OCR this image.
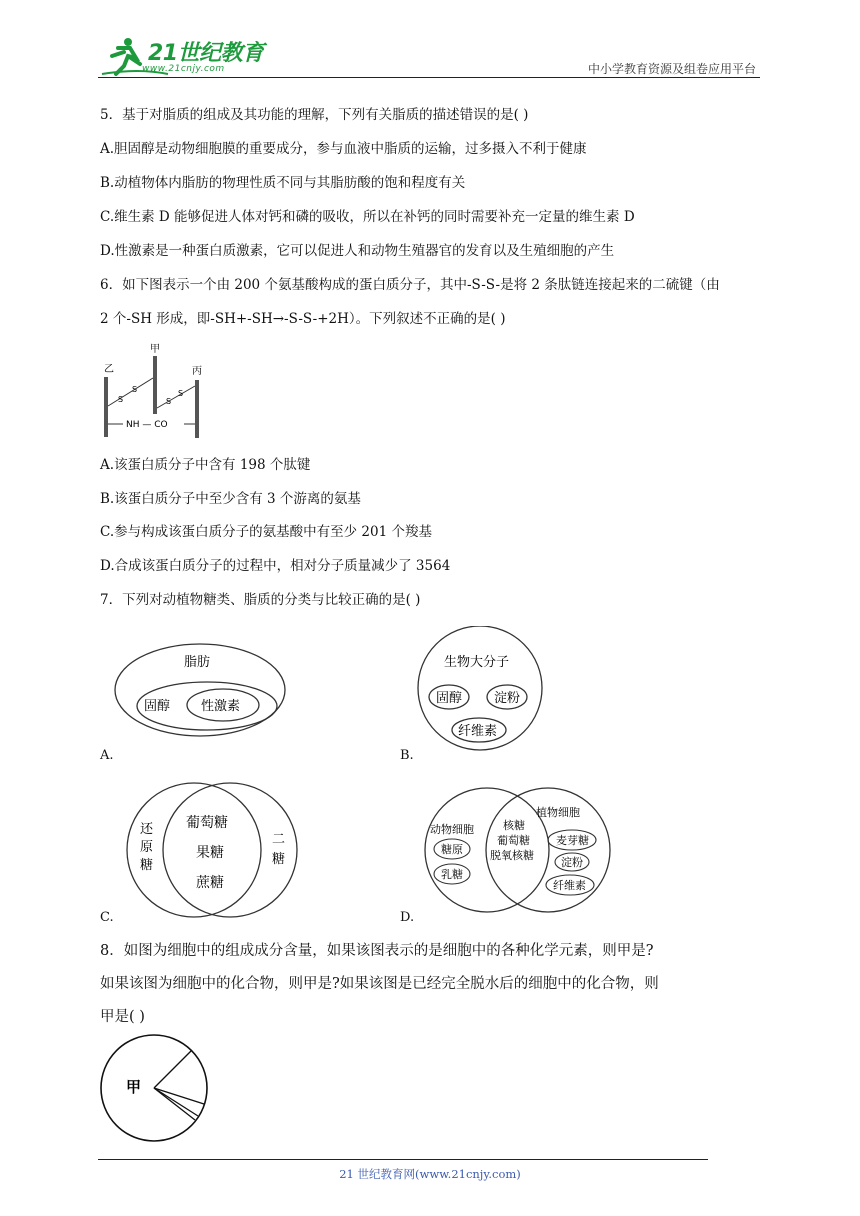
21世纪教育
www.21cnjy.com	中小学教育资源及组卷应用平台
5．基于对脂质的组成及其功能的理解，下列有关脂质的描述错误的是( )
A.胆固醇是动物细胞膜的重要成分，参与血液中脂质的运输，过多摄入不利于健康
B.动植物体内脂肪的物理性质不同与其脂肪酸的饱和程度有关
C.维生素 D 能够促进人体对钙和磷的吸收，所以在补钙的同时需要补充一定量的维生素 D
D.性激素是一种蛋白质激素，它可以促进人和动物生殖器官的发育以及生殖细胞的产生
6．如下图表示一个由 200 个氨基酸构成的蛋白质分子，其中-S-S-是将 2 条肽链连接起来的二硫键（由
2 个-SH 形成，即-SH+-SH→-S-S-+2H）。下列叙述不正确的是( )
乙
甲
丙
S
S
S
S
NH — CO
A.该蛋白质分子中含有 198 个肽键
B.该蛋白质分子中至少含有 3 个游离的氨基
C.参与构成该蛋白质分子的氨基酸中有至少 201 个羧基
D.合成该蛋白质分子的过程中，相对分子质量减少了 3564
7．下列对动植物糖类、脂质的分类与比较正确的是( )
脂肪
固醇 性激素
A.
生物大分子
固醇 淀粉
纤维素
B.
还
原
糖
葡萄糖
果糖
蔗糖
二
糖
C.
动物细胞
糖原
乳糖
核糖
葡萄糖
脱氧核糖
植物细胞
麦芽糖
淀粉
纤维素
D.
8．如图为细胞中的组成成分含量，如果该图表示的是细胞中的各种化学元素，则甲是?
如果该图为细胞中的化合物，则甲是?如果该图是已经完全脱水后的细胞中的化合物，则
甲是( )
甲
21 世纪教育网(www.21cnjy.com)
